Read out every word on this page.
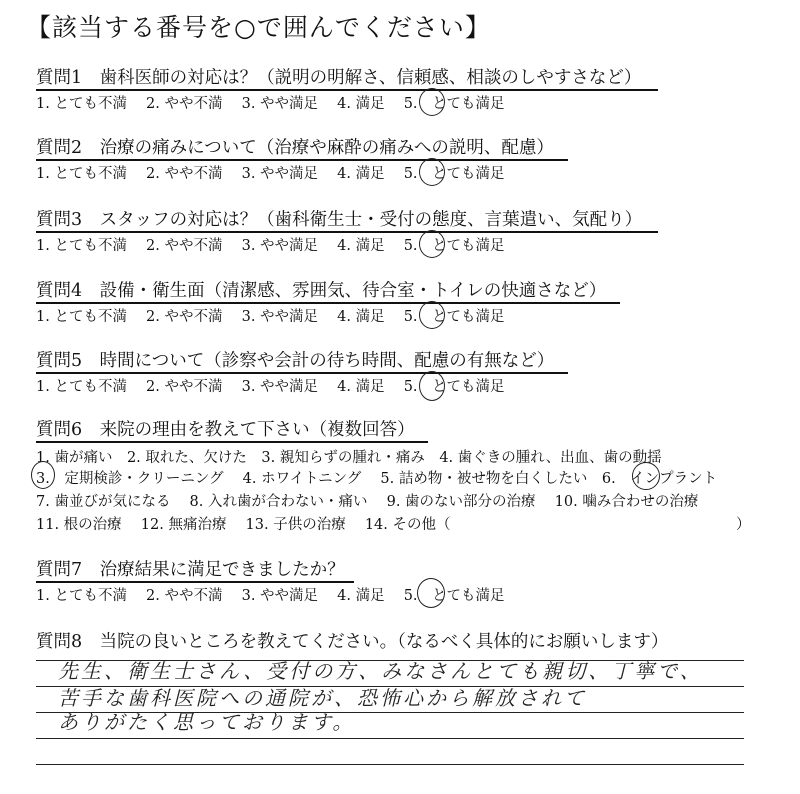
【該当する番号を○で囲んでください】
質問1　歯科医師の対応は？（説明の明解さ、信頼感、相談のしやすさなど）
1. とても不満　 2. やや不満　 3. やや満足　 4. 満足　 5.　とても満足
質問2　治療の痛みについて（治療や麻酔の痛みへの説明、配慮）
1. とても不満　 2. やや不満　 3. やや満足　 4. 満足　 5.　とても満足
質問3　スタッフの対応は？（歯科衛生士・受付の態度、言葉遣い、気配り）
1. とても不満　 2. やや不満　 3. やや満足　 4. 満足　 5.　とても満足
質問4　設備・衛生面（清潔感、雰囲気、待合室・トイレの快適さなど）
1. とても不満　 2. やや不満　 3. やや満足　 4. 満足　 5.　とても満足
質問5　時間について（診察や会計の待ち時間、配慮の有無など）
1. とても不満　 2. やや不満　 3. やや満足　 4. 満足　 5.　とても満足
質問6　来院の理由を教えて下さい（複数回答）
1. 歯が痛い　2. 取れた、欠けた　3. 親知らずの腫れ・痛み　4. 歯ぐきの腫れ、出血、歯の動揺
3.　定期検診・クリーニング　 4. ホワイトニング　 5. 詰め物・被せ物を白くしたい　6.　インプラント
7. 歯並びが気になる　 8. 入れ歯が合わない・痛い　 9. 歯のない部分の治療　 10. 噛み合わせの治療
11. 根の治療　 12. 無痛治療　 13. 子供の治療　 14. その他（	）
質問7　治療結果に満足できましたか？
1. とても不満　 2. やや不満　 3. やや満足　 4. 満足　 5.　とても満足
質問8　当院の良いところを教えてください。（なるべく具体的にお願いします）
先生、衛生士さん、受付の方、みなさんとても親切、丁寧で、
苦手な歯科医院への通院が、恐怖心から解放されて
ありがたく思っております。
